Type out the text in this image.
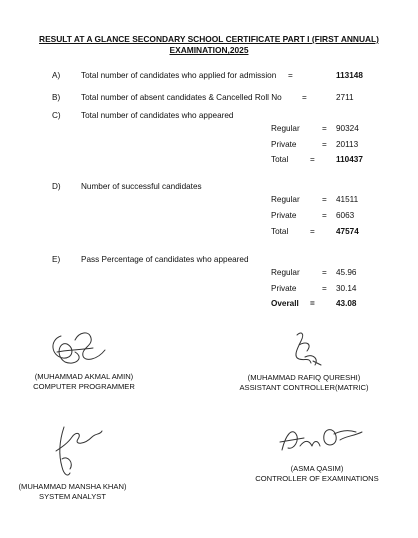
RESULT AT A GLANCE SECONDARY SCHOOL CERTIFICATE PART I (FIRST ANNUAL)
EXAMINATION,2025
A)	Total number of candidates who applied for admission =	113148
B)	Total number of absent candidates & Cancelled Roll No =	2711
C) Total number of candidates who appeared
Regular	= 90324
Private	= 20113
Total	=	110437
D) Number of successful candidates
Regular	= 41511
Private	= 6063
Total	=	47574
E)	Pass Percentage of candidates who appeared
Regular	= 45.96
Private	= 30.14
Overall =	43.08
(MUHAMMAD AKMAL AMIN)
COMPUTER PROGRAMMER
(MUHAMMAD RAFIQ QURESHI)
ASSISTANT CONTROLLER(MATRIC)
(MUHAMMAD MANSHA KHAN)
SYSTEM ANALYST
(ASMA QASIM)
CONTROLLER OF EXAMINATIONS
